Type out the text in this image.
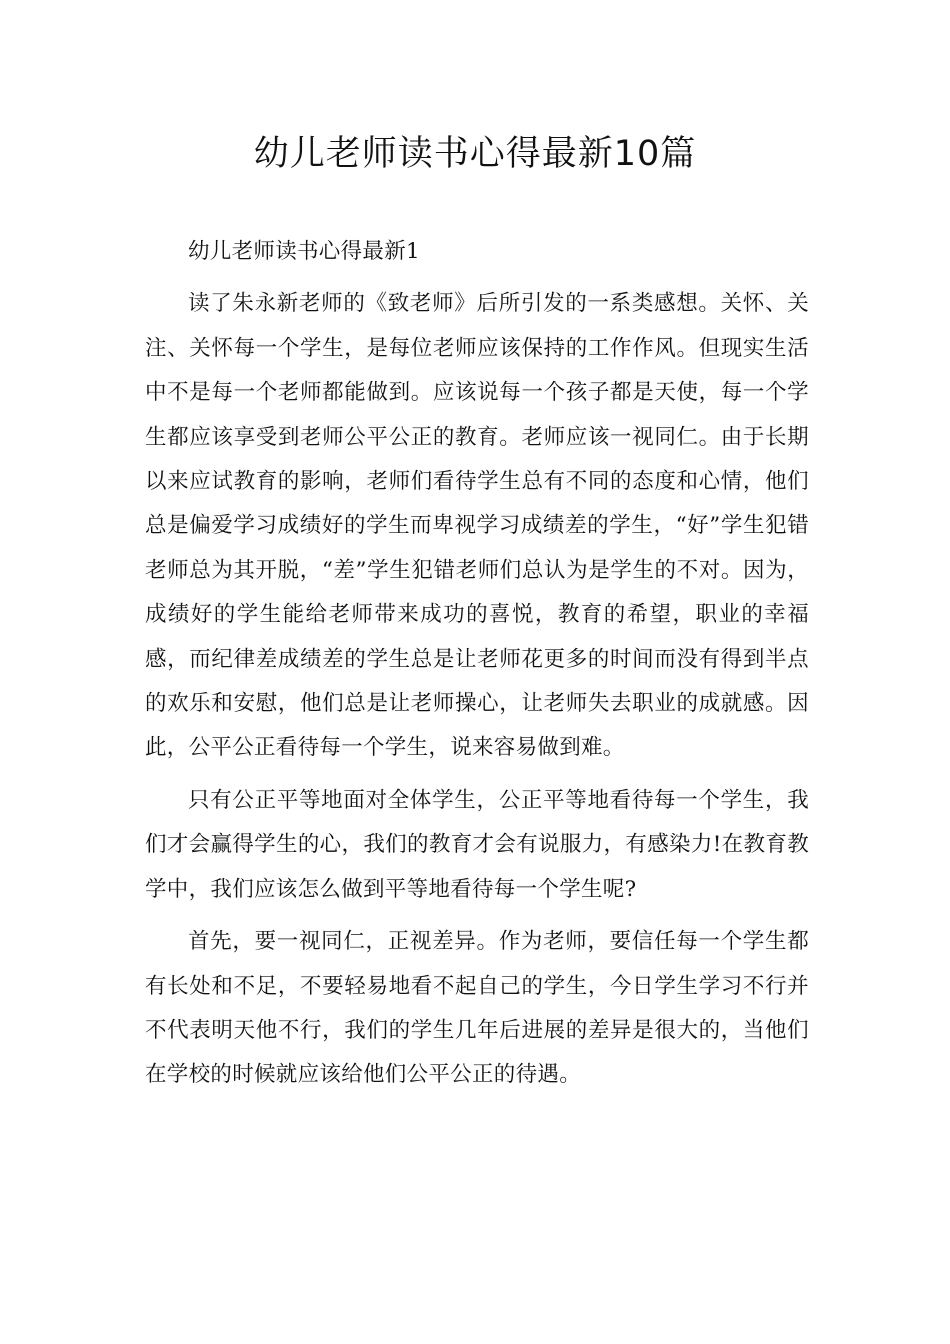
幼儿老师读书心得最新10篇

幼儿老师读书心得最新1

读了朱永新老师的《致老师》后所引发的一系类感想。关怀、关注、关怀每一个学生，是每位老师应该保持的工作作风。但现实生活中不是每一个老师都能做到。应该说每一个孩子都是天使，每一个学生都应该享受到老师公平公正的教育。老师应该一视同仁。由于长期以来应试教育的影响，老师们看待学生总有不同的态度和心情，他们总是偏爱学习成绩好的学生而卑视学习成绩差的学生，“好”学生犯错老师总为其开脱，“差”学生犯错老师们总认为是学生的不对。因为，成绩好的学生能给老师带来成功的喜悦，教育的希望，职业的幸福感，而纪律差成绩差的学生总是让老师花更多的时间而没有得到半点的欢乐和安慰，他们总是让老师操心，让老师失去职业的成就感。因此，公平公正看待每一个学生，说来容易做到难。

只有公正平等地面对全体学生，公正平等地看待每一个学生，我们才会赢得学生的心，我们的教育才会有说服力，有感染力!在教育教学中，我们应该怎么做到平等地看待每一个学生呢?

首先，要一视同仁，正视差异。作为老师，要信任每一个学生都有长处和不足，不要轻易地看不起自己的学生，今日学生学习不行并不代表明天他不行，我们的学生几年后进展的差异是很大的，当他们在学校的时候就应该给他们公平公正的待遇。
